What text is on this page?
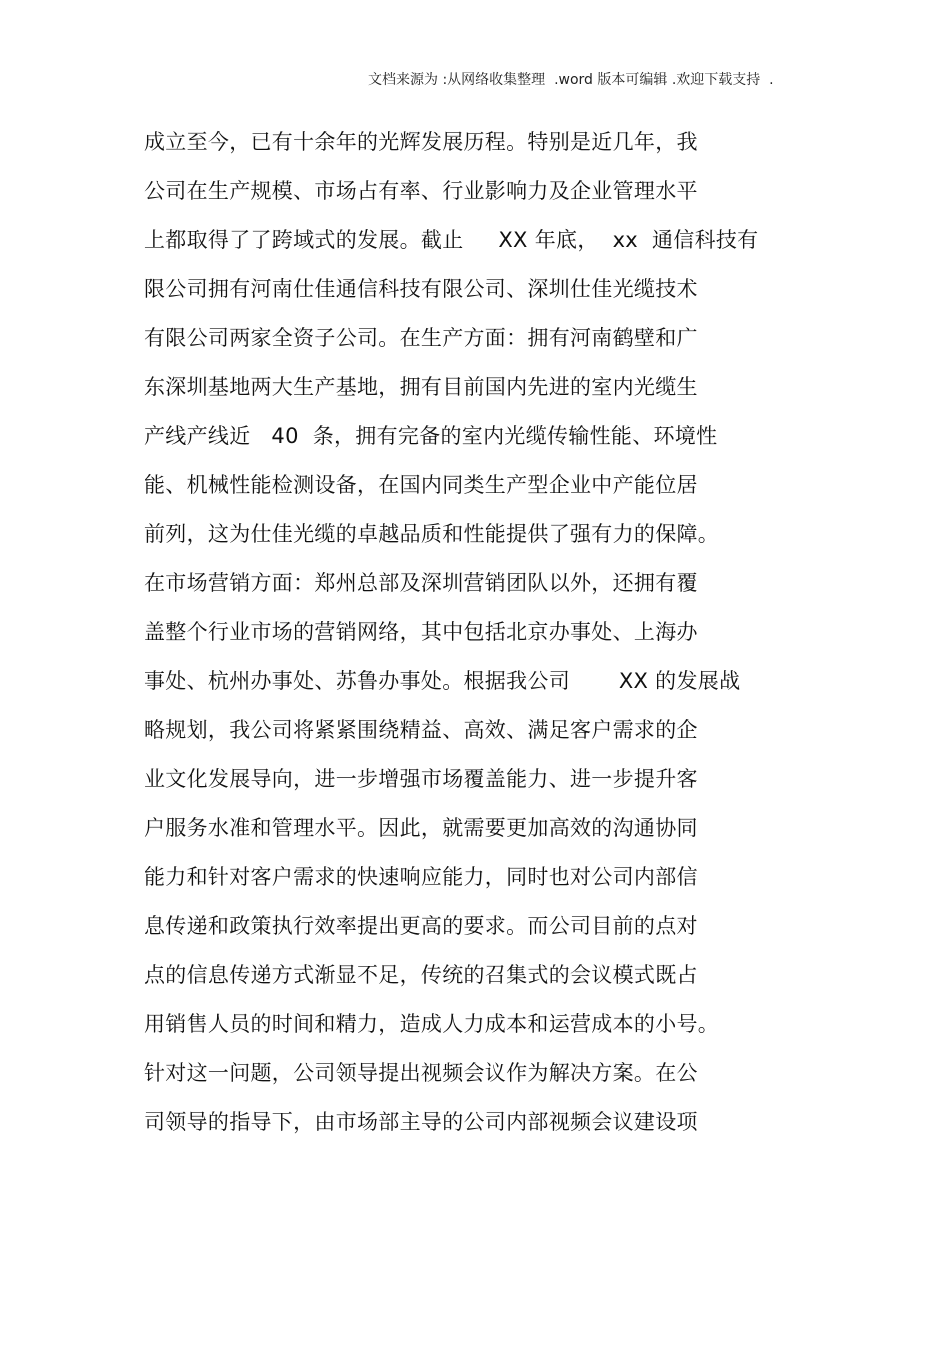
文档来源为 :从网络收集整理  .word 版本可编辑 .欢迎下载支持  .
成立至今，已有十余年的光辉发展历程。特别是近几年，我
公司在生产规模、市场占有率、行业影响力及企业管理水平
上都取得了了跨域式的发展。截止     XX 年底，  xx  通信科技有
限公司拥有河南仕佳通信科技有限公司、深圳仕佳光缆技术
有限公司两家全资子公司。在生产方面：拥有河南鹤壁和广
东深圳基地两大生产基地，拥有目前国内先进的室内光缆生
产线产线近   40  条，拥有完备的室内光缆传输性能、环境性
能、机械性能检测设备，在国内同类生产型企业中产能位居
前列，这为仕佳光缆的卓越品质和性能提供了强有力的保障。
在市场营销方面：郑州总部及深圳营销团队以外，还拥有覆
盖整个行业市场的营销网络，其中包括北京办事处、上海办
事处、杭州办事处、苏鲁办事处。根据我公司       XX 的发展战
略规划，我公司将紧紧围绕精益、高效、满足客户需求的企
业文化发展导向，进一步增强市场覆盖能力、进一步提升客
户服务水准和管理水平。因此，就需要更加高效的沟通协同
能力和针对客户需求的快速响应能力，同时也对公司内部信
息传递和政策执行效率提出更高的要求。而公司目前的点对
点的信息传递方式渐显不足，传统的召集式的会议模式既占
用销售人员的时间和精力，造成人力成本和运营成本的小号。
针对这一问题，公司领导提出视频会议作为解决方案。在公
司领导的指导下，由市场部主导的公司内部视频会议建设项
